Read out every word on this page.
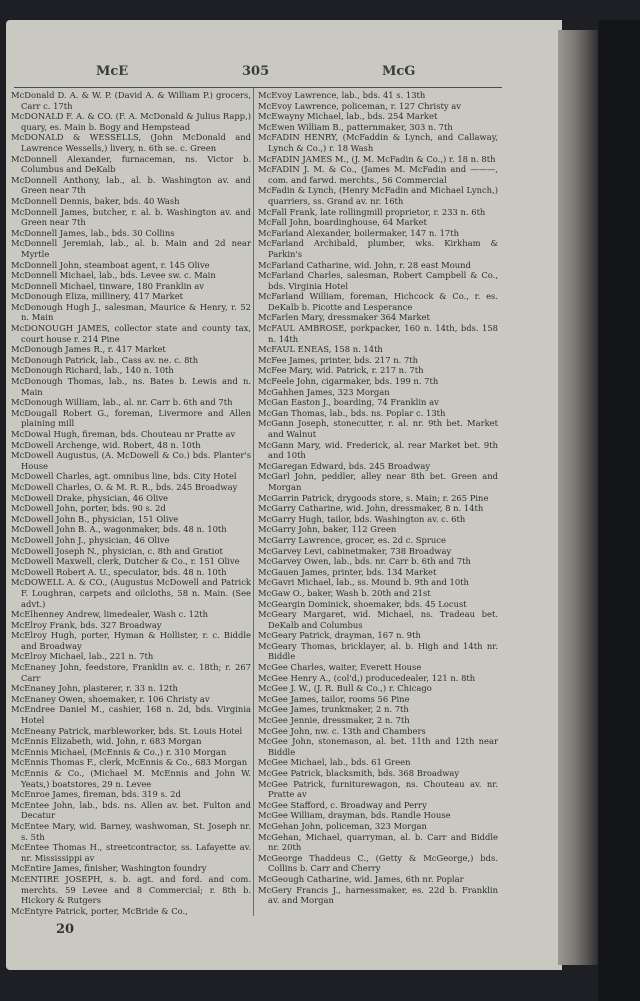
McE	305	McG
McDonald D. A. & W. P. (David A. & William P.) grocers, Carr c. 17th
McDONALD F. A. & CO. (F. A. McDonald & Julius Rapp,) quary, es. Main b. Bogy and Hempstead
McDONALD & WESSELLS, (John McDonald and Lawrence Wessells,) livery, n. 6th se. c. Green
McDonnell Alexander, furnaceman, ns. Victor b. Columbus and DeKalb
McDonnell Anthony, lab., al. b. Washington av. and Green near 7th
McDonnell Dennis, baker, bds. 40 Wash
McDonnell James, butcher, r. al. b. Washington av. and Green near 7th
McDonnell James, lab., bds. 30 Collins
McDonnell Jeremiah, lab., al. b. Main and 2d near Myrtle
McDonnell John, steamboat agent, r. 145 Olive
McDonnell Michael, lab., bds. Levee sw. c. Main
McDonnell Michael, tinware, 180 Franklin av
McDonough Eliza, millinery, 417 Market
McDonough Hugh J., salesman, Maurice & Henry, r. 52 n. Main
McDONOUGH JAMES, collector state and county tax, court house r. 214 Pine
McDonough James R., r. 417 Market
McDonough Patrick, lab., Cass av. ne. c. 8th
McDonough Richard, lab., 140 n. 10th
McDonough Thomas, lab., ns. Bates b. Lewis and n. Main
McDonough William, lab., al. nr. Carr b. 6th and 7th
McDougall Robert G., foreman, Livermore and Allen plaining mill
McDowal Hugh, fireman, bds. Chouteau nr Pratte av
McDowell Archenge, wid. Robert, 48 n. 10th
McDowell Augustus, (A. McDowell & Co.) bds. Planter's House
McDowell Charles, agt. omnibus line, bds. City Hotel
McDowell Charles, O. & M. R. R., bds. 245 Broadway
McDowell Drake, physician, 46 Olive
McDowell John, porter, bds. 90 s. 2d
McDowell John B., physician, 151 Olive
McDowell John B. A., wagonmaker, bds. 48 n. 10th
McDowell John J., physician, 46 Olive
McDowell Joseph N., physician, c. 8th and Gratiot
McDowell Maxwell, clerk, Dutcher & Co., r. 151 Olive
McDowell Robert A. U., speculator, bds. 48 n. 10th
McDOWELL A. & CO., (Augustus McDowell and Patrick F. Loughran, carpets and oilcloths, 58 n. Main. (See advt.)
McElhenney Andrew, limedealer, Wash c. 12th
McElroy Frank, bds. 327 Broadway
McElroy Hugh, porter, Hyman & Hollister, r. c. Biddle and Broadway
McElroy Michael, lab., 221 n. 7th
McEnaney John, feedstore, Franklin av. c. 18th; r. 267 Carr
McEnaney John, plasterer, r. 33 n. 12th
McEnaney Owen, shoemaker, r. 106 Christy av
McEndree Daniel M., cashier, 168 n. 2d, bds. Virginia Hotel
McEneany Patrick, marbleworker, bds. St. Louis Hotel
McEnnis Elizabeth, wid. John, r. 683 Morgan
McEnnis Michael, (McEnnis & Co.,) r. 310 Morgan
McEnnis Thomas F., clerk, McEnnis & Co., 683 Morgan
McEnnis & Co., (Michael M. McEnnis and John W. Yeats,) boatstores, 29 n. Levee
McEnroe James, fireman, bds. 319 s. 2d
McEntee John, lab., bds. ns. Allen av. bet. Fulton and Decatur
McEntee Mary, wid. Barney, washwoman, St. Joseph nr. s. 5th
McEntee Thomas H., streetcontractor, ss. Lafayette av. nr. Mississippi av
McEntire James, finisher, Washington foundry
McENTIRE JOSEPH, s. b. agt. and ford. and com. merchts. 59 Levee and 8 Commercial; r. 8th b. Hickory & Rutgers
McEntyre Patrick, porter, McBride & Co.,
McEvoy Lawrence, lab., bds. 41 s. 13th
McEvoy Lawrence, policeman, r. 127 Christy av
McEwayny Michael, lab., bds. 254 Market
McEwen William B., patternmaker, 303 n. 7th
McFADIN HENRY, (McFaddin & Lynch, and Callaway, Lynch & Co.,) r. 18 Wash
McFADIN JAMES M., (J. M. McFadin & Co.,) r. 18 n. 8th
McFADIN J. M. & Co., (James M. McFadin and ———, com. and farwd. merchts., 56 Commercial
McFadin & Lynch, (Henry McFadin and Michael Lynch,) quarriers, ss. Grand av. nr. 16th
McFall Frank, late rollingmill proprietor, r. 233 n. 6th
McFall John, boardinghouse, 64 Market
McFarland Alexander, boilermaker, 147 n. 17th
McFarland Archibald, plumber, wks. Kirkham & Parkin's
McFarland Catharine, wid. John, r. 28 east Mound
McFarland Charles, salesman, Robert Campbell & Co., bds. Virginia Hotel
McFarland William, foreman, Hichcock & Co., r. es. DeKalb b. Picotte and Lesperance
McFarlen Mary, dressmaker 364 Market
McFAUL AMBROSE, porkpacker, 160 n. 14th, bds. 158 n. 14th
McFAUL ENEAS, 158 n. 14th
McFee James, printer, bds. 217 n. 7th
McFee Mary, wid. Patrick, r. 217 n. 7th
McFeele John, cigarmaker, bds. 199 n. 7th
McGahhen James, 323 Morgan
McGan Easton J., boarding, 74 Franklin av
McGan Thomas, lab., bds. ns. Poplar c. 13th
McGann Joseph, stonecutter, r. al. nr. 9th bet. Market and Walnut
McGann Mary, wid. Frederick, al. rear Market bet. 9th and 10th
McGaregan Edward, bds. 245 Broadway
McGarl John, peddler, alley near 8th bet. Green and Morgan
McGarrin Patrick, drygoods store, s. Main; r. 265 Pine
McGarry Catharine, wid. John, dressmaker, 8 n. 14th
McGarry Hugh, tailor, bds. Washington av. c. 6th
McGarry John, baker, 112 Green
McGarry Lawrence, grocer, es. 2d c. Spruce
McGarvey Levi, cabinetmaker, 738 Broadway
McGarvey Owen, lab., bds. nr. Carr b. 6th and 7th
McGauen James, printer, bds. 134 Market
McGavri Michael, lab., ss. Mound b. 9th and 10th
McGaw O., baker, Wash b. 20th and 21st
McGeargin Dominick, shoemaker, bds. 45 Locust
McGeary Margaret, wid. Michael, ns. Tradeau bet. DeKalb and Columbus
McGeary Patrick, drayman, 167 n. 9th
McGeary Thomas, bricklayer, al. b. High and 14th nr. Biddle
McGee Charles, waiter, Everett House
McGee Henry A., (col'd,) producedealer, 121 n. 8th
McGee J. W., (J. R. Bull & Co.,) r. Chicago
McGee James, tailor, rooms 56 Pine
McGee James, trunkmaker, 2 n. 7th
McGee Jennie, dressmaker, 2 n. 7th
McGee John, nw. c. 13th and Chambers
McGee John, stonemason, al. bet. 11th and 12th near Biddle
McGee Michael, lab., bds. 61 Green
McGee Patrick, blacksmith, bds. 368 Broadway
McGee Patrick, furniturewagon, ns. Chouteau av. nr. Pratte av
McGee Stafford, c. Broadway and Perry
McGee William, drayman, bds. Randle House
McGehan John, policeman, 323 Morgan
McGehan, Michael, quarryman, al. b. Carr and Biddle nr. 20th
McGeorge Thaddeus C., (Getty & McGeorge,) bds. Collins b. Carr and Cherry
McGeough Catharine, wid. James, 6th nr. Poplar
McGery Francis J., harnessmaker, es. 22d b. Franklin av. and Morgan
20
